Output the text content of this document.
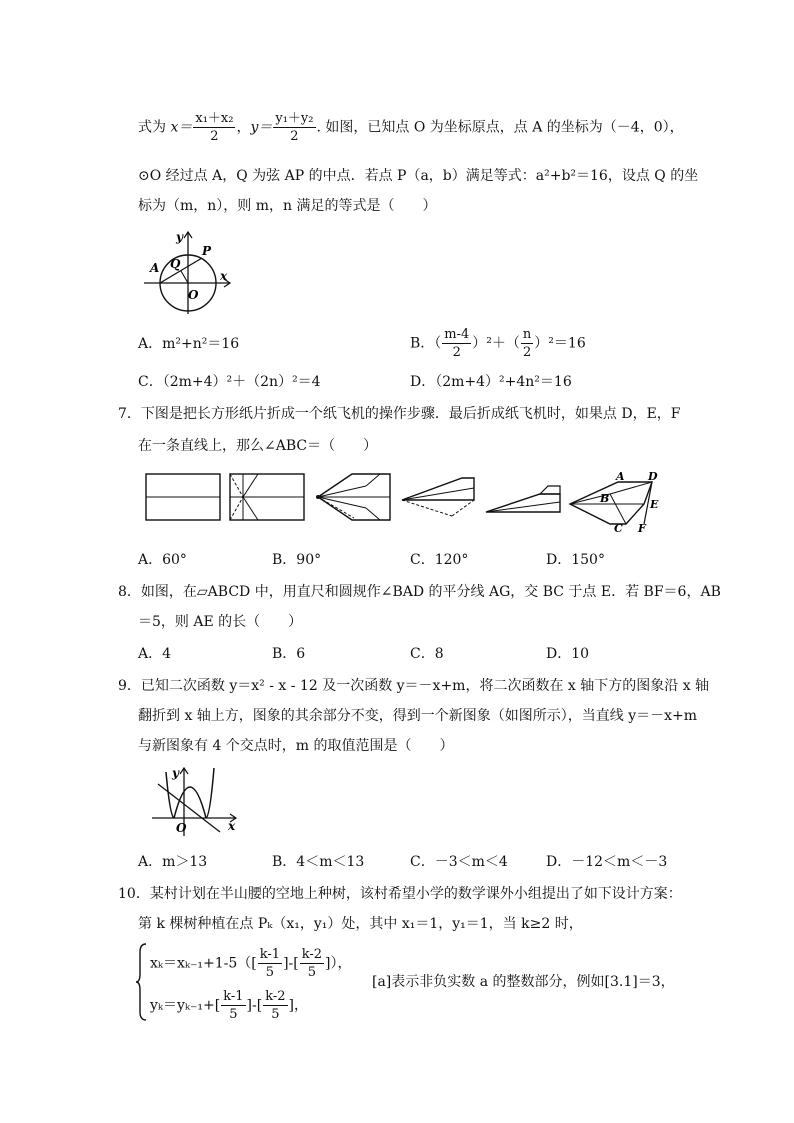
式为 $x= \frac{\text{x₁＋x₂}}{2}$ ，$y= \frac{\text{y₁＋y₂}}{2}$ . 如图，已知点 O 为坐标原点，点 A 的坐标为（－4，0），
⊙O 经过点 A，Q 为弦 AP 的中点．若点 P（a，b）满足等式：a²+b²＝16，设点 Q 的坐
标为（m，n），则 m，n 满足的等式是（　　）
y
P
A Q
O
x
A．m²+n²＝16	B．（ $\frac{m-4}{2} )^2+( \frac{n}{2} )^2=16$
C．（2m+4）²＋（2n）²＝4	D．（2m+4）²+4n²＝16
7．下图是把长方形纸片折成一个纸飞机的操作步骤．最后折成纸飞机时，如果点 D，E，F
在一条直线上，那么∠ABC＝（　　）
A D
B	E
C F
A．60°	B．90°	C．120°	D．150°
8．如图，在▱ABCD 中，用直尺和圆规作∠BAD 的平分线 AG，交 BC 于点 E．若 BF＝6，AB
＝5，则 AE 的长（　　）
A．4	B．6	C．8	D．10
9．已知二次函数 y＝x² - x - 12 及一次函数 y＝－x+m，将二次函数在 x 轴下方的图象沿 x 轴
翻折到 x 轴上方，图象的其余部分不变，得到一个新图象（如图所示），当直线 y＝－x+m
与新图象有 4 个交点时，m 的取值范围是（　　）
y
O	x
A．m＞13	B．4＜m＜13	C．－3＜m＜4	D．－12＜m＜－3
10．某村计划在半山腰的空地上种树，该村希望小学的数学课外小组提出了如下设计方案：
第 k 棵树种植在点 Pₖ（x₁，y₁）处，其中 x₁＝1，y₁＝1，当 k≥2 时，
$x_k=x_{k-1}+1-5([ \frac{k-1}{5}$ ]-[ $\frac{k-2}{5}$ ]），
$y_k=y_{k-1}+[ \frac{k-1}{5}$ ]-[ $\frac{k-2}{5}$ ]，
[a]表示非负实数 a 的整数部分，例如[3.1]＝3，
